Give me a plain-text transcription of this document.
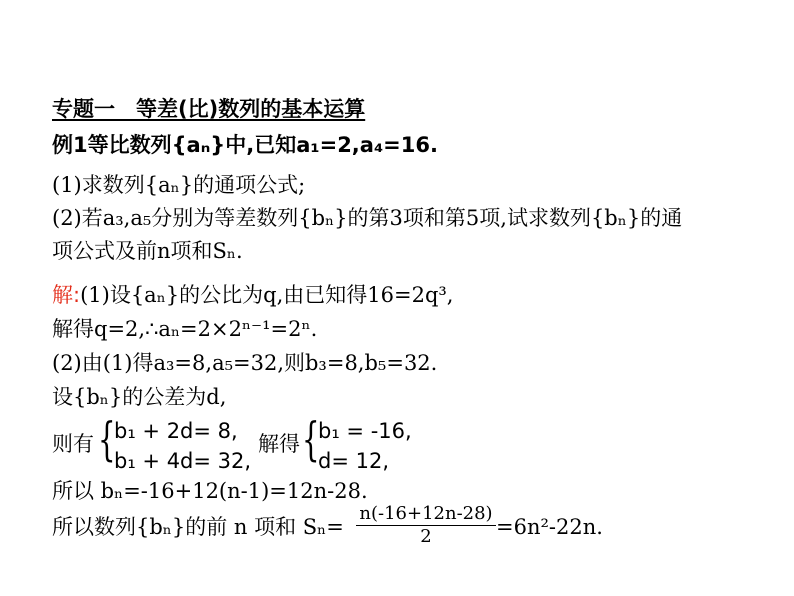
专题一　等差(比)数列的基本运算
例1等比数列{aₙ}中,已知a₁=2,a₄=16.
(1)求数列{aₙ}的通项公式;
(2)若a₃,a₅分别为等差数列{bₙ}的第3项和第5项,试求数列{bₙ}的通
项公式及前n项和Sₙ.
解:(1)设{aₙ}的公比为q,由已知得16=2q³,
解得q=2,∴aₙ=2×2ⁿ⁻¹=2ⁿ.
(2)由(1)得a₃=8,a₅=32,则b₃=8,b₅=32.
设{bₙ}的公差为d,
则有 {
b₁ + 2d= 8,
b₁ + 4d= 32,
解得 {
b₁ = -16,
d= 12,
所以 bₙ=-16+12(n-1)=12n-28.
所以数列{bₙ}的前 n 项和 Sₙ=
n(-16+12n-28)
2	=6n²-22n.
